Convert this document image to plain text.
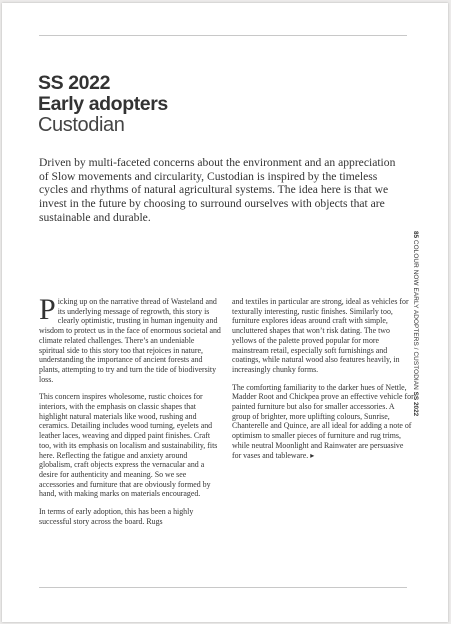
SS 2022
Early adopters
Custodian
Driven by multi-faceted concerns about the environment and an appreciation of Slow movements and circularity, Custodian is inspired by the timeless cycles and rhythms of natural agricultural systems. The idea here is that we invest in the future by choosing to surround ourselves with objects that are sustainable and durable.

Picking up on the narrative thread of Wasteland and its underlying message of regrowth, this story is clearly optimistic, trusting in human ingenuity and wisdom to protect us in the face of enormous societal and climate related challenges. There’s an undeniable spiritual side to this story too that rejoices in nature, understanding the importance of ancient forests and plants, attempting to try and turn the tide of biodiversity loss.

This concern inspires wholesome, rustic choices for interiors, with the emphasis on classic shapes that highlight natural materials like wood, rushing and ceramics. Detailing includes wood turning, eyelets and leather laces, weaving and dipped paint finishes. Craft too, with its emphasis on localism and sustainability, fits here. Reflecting the fatigue and anxiety around globalism, craft objects express the vernacular and a desire for authenticity and meaning. So we see accessories and furniture that are obviously formed by hand, with making marks on materials encouraged.

In terms of early adoption, this has been a highly successful story across the board. Rugs

and textiles in particular are strong, ideal as vehicles for texturally interesting, rustic finishes. Similarly too, furniture explores ideas around craft with simple, uncluttered shapes that won’t risk dating. The two yellows of the palette proved popular for more mainstream retail, especially soft furnishings and coatings, while natural wood also features heavily, in increasingly chunky forms.

The comforting familiarity to the darker hues of Nettle, Madder Root and Chickpea prove an effective vehicle for painted furniture but also for smaller accessories. A group of brighter, more uplifting colours, Sunrise, Chanterelle and Quince, are all ideal for adding a note of optimism to smaller pieces of furniture and rug trims, while neutral Moonlight and Rainwater are persuasive for vases and tableware. ▸

85 COLOUR NOW EARLY ADOPTERS / CUSTODIAN SS 2022
